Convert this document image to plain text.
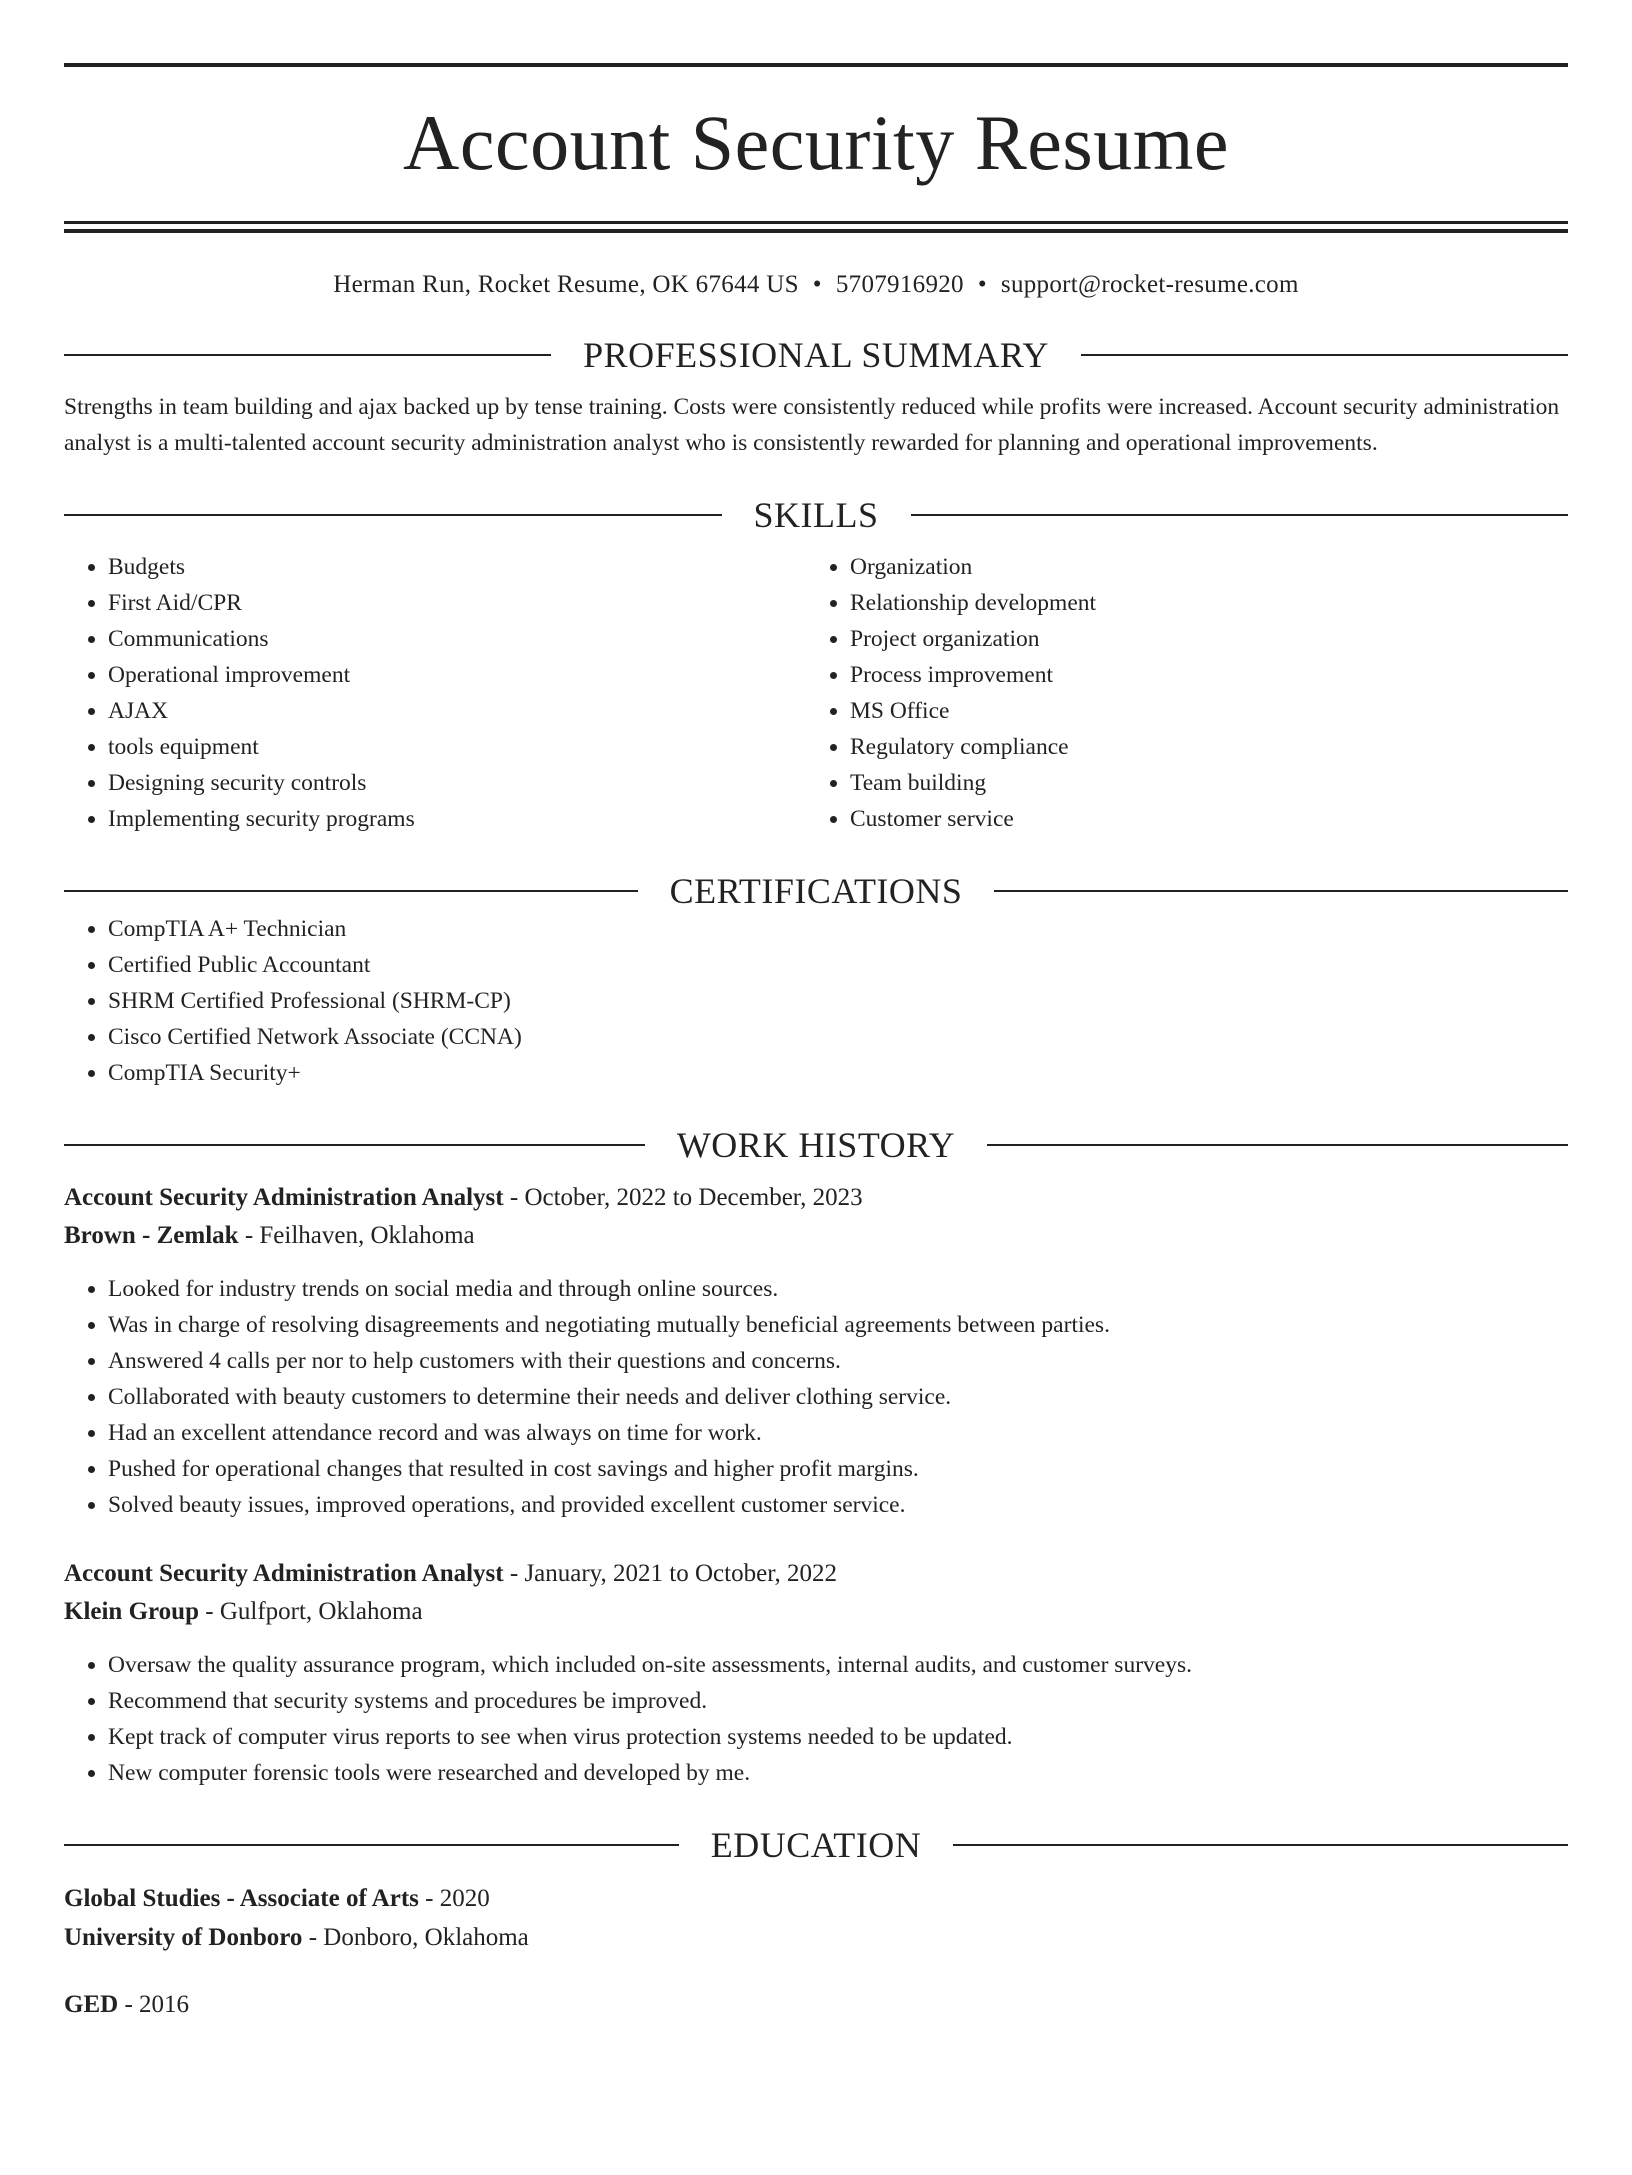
Account Security Resume
Herman Run, Rocket Resume, OK 67644 US • 5707916920 • support@rocket-resume.com
PROFESSIONAL SUMMARY
Strengths in team building and ajax backed up by tense training. Costs were consistently reduced while profits were increased. Account security administration analyst is a multi-talented account security administration analyst who is consistently rewarded for planning and operational improvements.
SKILLS
• Budgets
• First Aid/CPR
• Communications
• Operational improvement
• AJAX
• tools equipment
• Designing security controls
• Implementing security programs
• Organization
• Relationship development
• Project organization
• Process improvement
• MS Office
• Regulatory compliance
• Team building
• Customer service
CERTIFICATIONS
• CompTIA A+ Technician
• Certified Public Accountant
• SHRM Certified Professional (SHRM-CP)
• Cisco Certified Network Associate (CCNA)
• CompTIA Security+
WORK HISTORY
Account Security Administration Analyst - October, 2022 to December, 2023
Brown - Zemlak - Feilhaven, Oklahoma
• Looked for industry trends on social media and through online sources.
• Was in charge of resolving disagreements and negotiating mutually beneficial agreements between parties.
• Answered 4 calls per nor to help customers with their questions and concerns.
• Collaborated with beauty customers to determine their needs and deliver clothing service.
• Had an excellent attendance record and was always on time for work.
• Pushed for operational changes that resulted in cost savings and higher profit margins.
• Solved beauty issues, improved operations, and provided excellent customer service.
Account Security Administration Analyst - January, 2021 to October, 2022
Klein Group - Gulfport, Oklahoma
• Oversaw the quality assurance program, which included on-site assessments, internal audits, and customer surveys.
• Recommend that security systems and procedures be improved.
• Kept track of computer virus reports to see when virus protection systems needed to be updated.
• New computer forensic tools were researched and developed by me.
EDUCATION
Global Studies - Associate of Arts - 2020
University of Donboro - Donboro, Oklahoma
GED - 2016
